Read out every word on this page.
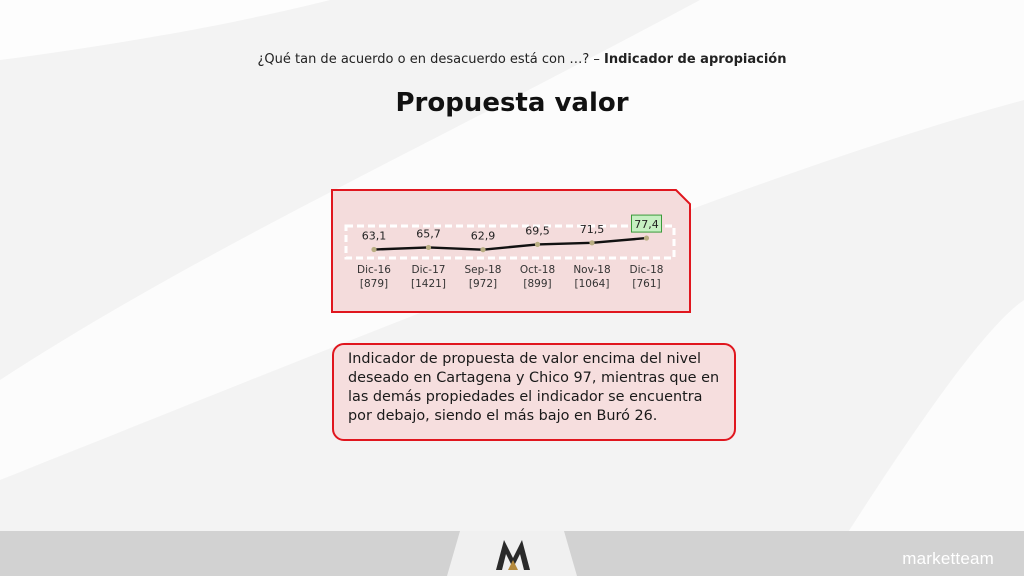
¿Qué tan de acuerdo o en desacuerdo está con …? – Indicador de apropiación
Propuesta valor
63,1
Dic-16
[879]
65,7
Dic-17
[1421]
62,9
Sep-18
[972]
69,5
Oct-18
[899]
71,5
Nov-18
[1064]
77,4
Dic-18
[761]
Indicador de propuesta de valor encima del nivel deseado en Cartagena y Chico 97, mientras que en las demás propiedades el indicador se encuentra por debajo, siendo el más bajo en Buró 26.
marketteam
